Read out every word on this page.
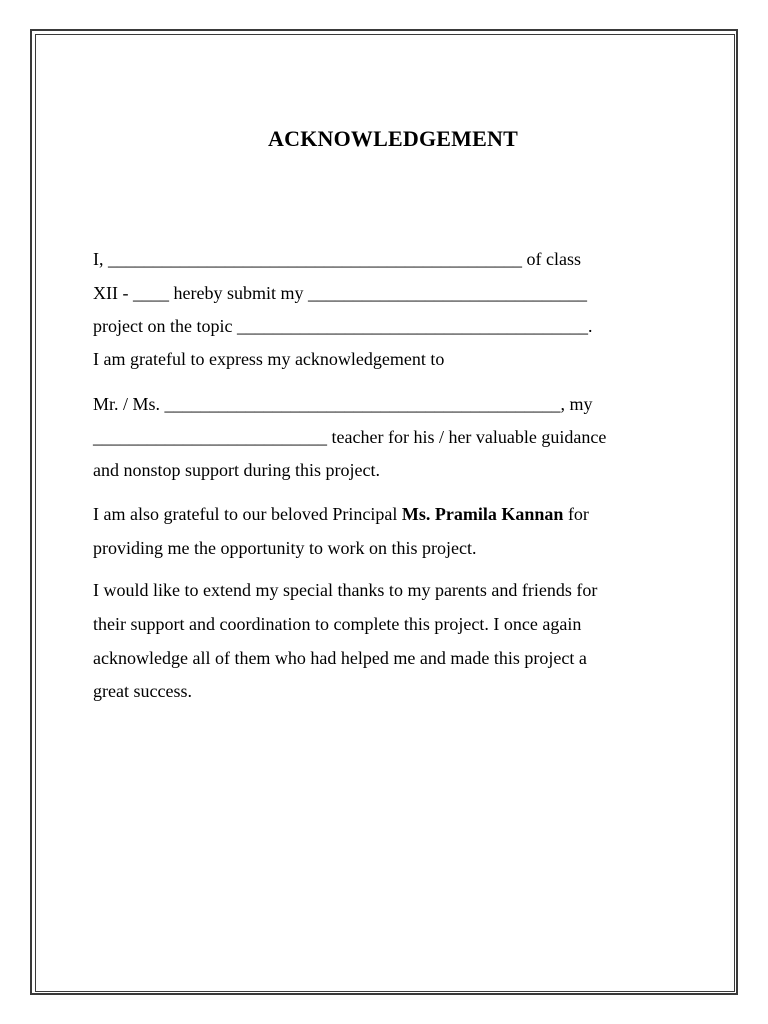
ACKNOWLEDGEMENT
I, ______________________________________________ of class
XII - ____ hereby submit my _______________________________
project on the topic _______________________________________.
I am grateful to express my acknowledgement to
Mr. / Ms. ____________________________________________, my
__________________________ teacher for his / her valuable guidance
and nonstop support during this project.
I am also grateful to our beloved Principal Ms. Pramila Kannan for
providing me the opportunity to work on this project.
I would like to extend my special thanks to my parents and friends for
their support and coordination to complete this project. I once again
acknowledge all of them who had helped me and made this project a
great success.
